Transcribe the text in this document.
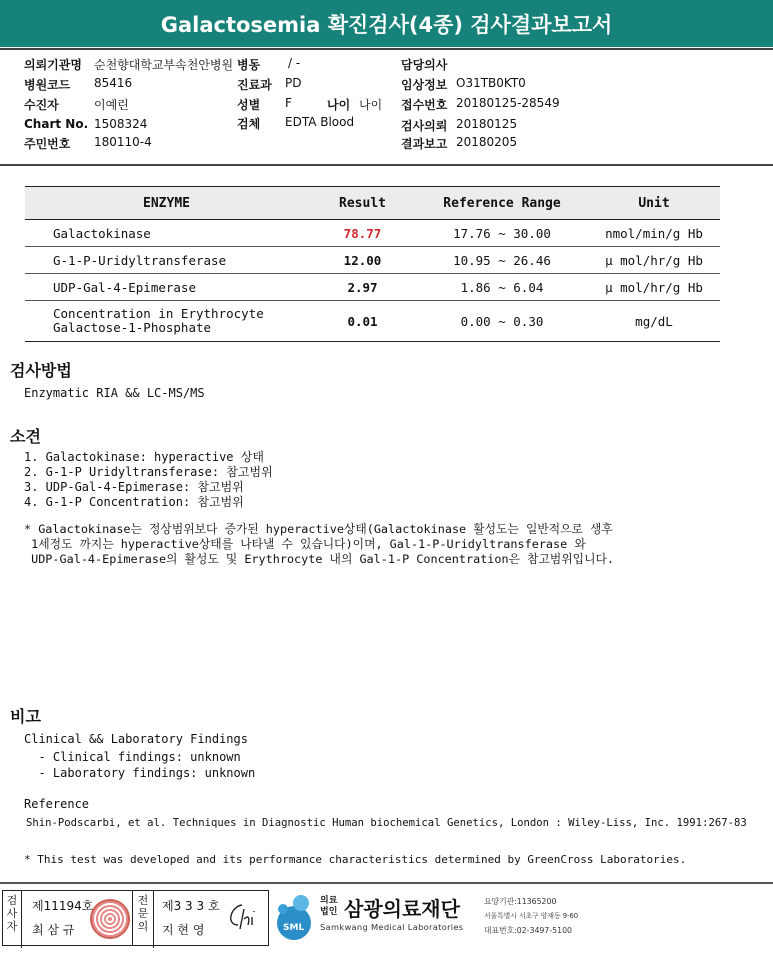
Galactosemia 확진검사(4종) 검사결과보고서
의뢰기관명 순천향대학교부속천안병원 병동 / -	담당의사
병원코드 85416	진료과 PD	임상정보 O31TB0KT0
수진자	이예린	성별 F	나이 나이 접수번호 20180125-28549
Chart No. 1508324	검체 EDTA Blood	검사의뢰 20180125
주민번호 180110-4	결과보고 20180205
ENZYME	Result	Reference Range	Unit
Galactokinase	78.77	17.76 ~ 30.00	nmol/min/g Hb
G-1-P-Uridyltransferase	12.00	10.95 ~ 26.46	μ mol/hr/g Hb
UDP-Gal-4-Epimerase	2.97	1.86 ~ 6.04	μ mol/hr/g Hb

Concentration in Erythrocyte
Galactose-1-Phosphate	0.01	0.00 ~ 0.30	mg/dL
검사방법
Enzymatic RIA && LC-MS/MS
소견
1. Galactokinase: hyperactive 상태
2. G-1-P Uridyltransferase: 참고범위
3. UDP-Gal-4-Epimerase: 참고범위
4. G-1-P Concentration: 참고범위
* Galactokinase는 정상범위보다 증가된 hyperactive상태(Galactokinase 활성도는 일반적으로 생후
1세정도 까지는 hyperactive상태를 나타낼 수 있습니다)이며, Gal-1-P-Uridyltransferase 와
UDP-Gal-4-Epimerase의 활성도 및 Erythrocyte 내의 Gal-1-P Concentration은 참고범위입니다.
비고
Clinical && Laboratory Findings
- Clinical findings: unknown
- Laboratory findings: unknown
Reference
Shin-Podscarbi, et al. Techniques in Diagnostic Human biochemical Genetics, London : Wiley-Liss, Inc. 1991:267-83
* This test was developed and its performance characteristics determined by GreenCross Laboratories.
검사자
제11194호
최 삼 규
전문의
제3 3 3 호
지 현 영	SML
의료
법인 삼광의료재단
Samkwang Medical Laboratories
요양기관:11365200
서울특별시 서초구 양재동 9-60
대표번호:02-3497-5100
